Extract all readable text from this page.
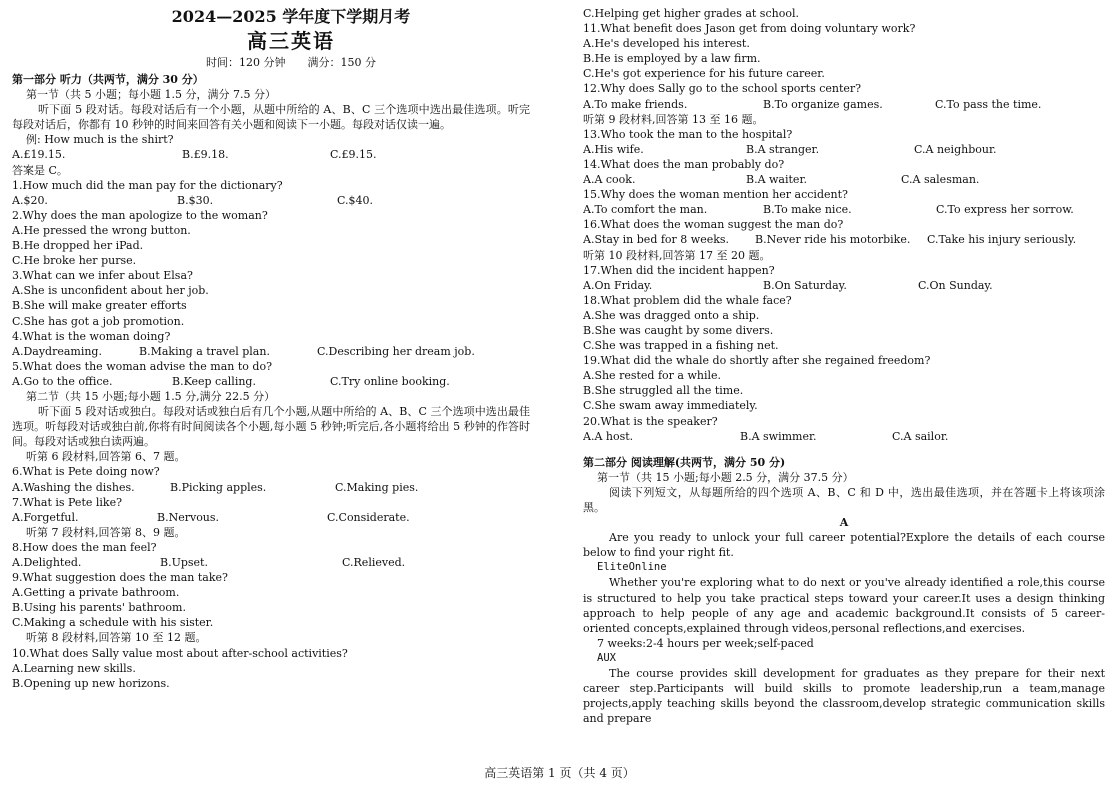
2024—2025 学年度下学期月考
高三英语
时间：120 分钟　　满分：150 分
第一部分 听力（共两节，满分 30 分）
第一节（共 5 小题；每小题 1.5 分，满分 7.5 分）
听下面 5 段对话。每段对话后有一个小题，从题中所给的 A、B、C 三个选项中选出最佳选项。听完每段对话后，你都有 10 秒钟的时间来回答有关小题和阅读下一小题。每段对话仅读一遍。
例: How much is the shirt?
A.£19.15.	B.£9.18.	C.£9.15.
答案是 C。
1.How much did the man pay for the dictionary?
A.$20.	B.$30.	C.$40.
2.Why does the man apologize to the woman?
A.He pressed the wrong button.
B.He dropped her iPad.
C.He broke her purse.
3.What can we infer about Elsa?
A.She is unconfident about her job.
B.She will make greater efforts
C.She has got a job promotion.
4.What is the woman doing?
A.Daydreaming.	B.Making a travel plan.	C.Describing her dream job.
5.What does the woman advise the man to do?
A.Go to the office.	B.Keep calling.	C.Try online booking.
第二节（共 15 小题;每小题 1.5 分,满分 22.5 分）
听下面 5 段对话或独白。每段对话或独白后有几个小题,从题中所给的 A、B、C 三个选项中选出最佳选项。听每段对话或独白前,你将有时间阅读各个小题,每小题 5 秒钟;听完后,各小题将给出 5 秒钟的作答时间。每段对话或独白读两遍。
听第 6 段材料,回答第 6、7 题。
6.What is Pete doing now?
A.Washing the dishes.	B.Picking apples.	C.Making pies.
7.What is Pete like?
A.Forgetful.	B.Nervous.	C.Considerate.
听第 7 段材料,回答第 8、9 题。
8.How does the man feel?
A.Delighted.	B.Upset.	C.Relieved.
9.What suggestion does the man take?
A.Getting a private bathroom.
B.Using his parents' bathroom.
C.Making a schedule with his sister.
听第 8 段材料,回答第 10 至 12 题。
10.What does Sally value most about after-school activities?
A.Learning new skills.
B.Opening up new horizons.
C.Helping get higher grades at school.
11.What benefit does Jason get from doing voluntary work?
A.He's developed his interest.
B.He is employed by a law firm.
C.He's got experience for his future career.
12.Why does Sally go to the school sports center?
A.To make friends.	B.To organize games.	C.To pass the time.
听第 9 段材料,回答第 13 至 16 题。
13.Who took the man to the hospital?
A.His wife.	B.A stranger.	C.A neighbour.
14.What does the man probably do?
A.A cook.	B.A waiter.	C.A salesman.
15.Why does the woman mention her accident?
A.To comfort the man.	B.To make nice.	C.To express her sorrow.
16.What does the woman suggest the man do?
A.Stay in bed for 8 weeks.	B.Never ride his motorbike.	C.Take his injury seriously.
听第 10 段材料,回答第 17 至 20 题。
17.When did the incident happen?
A.On Friday.	B.On Saturday.	C.On Sunday.
18.What problem did the whale face?
A.She was dragged onto a ship.
B.She was caught by some divers.
C.She was trapped in a fishing net.
19.What did the whale do shortly after she regained freedom?
A.She rested for a while.
B.She struggled all the time.
C.She swam away immediately.
20.What is the speaker?
A.A host.	B.A swimmer.	C.A sailor.
第二部分 阅读理解(共两节，满分 50 分)
第一节（共 15 小题;每小题 2.5 分，满分 37.5 分）
阅读下列短文，从每题所给的四个选项 A、B、C 和 D 中，选出最佳选项，并在答题卡上将该项涂黑。
A
Are you ready to unlock your full career potential?Explore the details of each course below to find your right fit.
EliteOnline
Whether you're exploring what to do next or you've already identified a role,this course is structured to help you take practical steps toward your career.It uses a design thinking approach to help people of any age and academic background.It consists of 5 career- oriented concepts,explained through videos,personal reflections,and exercises.
7 weeks:2-4 hours per week;self-paced
AUX
The course provides skill development for graduates as they prepare for their next career step.Participants will build skills to promote leadership,run a team,manage projects,apply teaching skills beyond the classroom,develop strategic communication skills and prepare
高三英语第 1 页（共 4 页）
